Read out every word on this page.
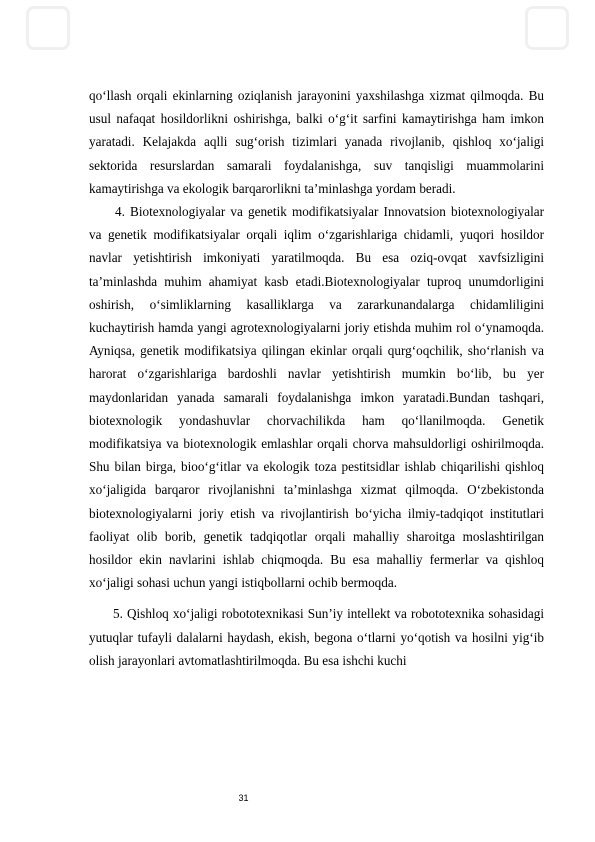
qo‘llash orqali ekinlarning oziqlanish jarayonini yaxshilashga xizmat qilmoqda. Bu usul nafaqat hosildorlikni oshirishga, balki o‘g‘it sarfini kamaytirishga ham imkon yaratadi. Kelajakda aqlli sug‘orish tizimlari yanada rivojlanib, qishloq xo‘jaligi sektorida resurslardan samarali foydalanishga, suv tanqisligi muammolarini kamaytirishga va ekologik barqarorlikni ta’minlashga yordam beradi.

4. Biotexnologiyalar va genetik modifikatsiyalar Innovatsion biotexnologiyalar va genetik modifikatsiyalar orqali iqlim o‘zgarishlariga chidamli, yuqori hosildor navlar yetishtirish imkoniyati yaratilmoqda. Bu esa oziq-ovqat xavfsizligini ta’minlashda muhim ahamiyat kasb etadi.Biotexnologiyalar tuproq unumdorligini oshirish, o‘simliklarning kasalliklarga va zararkunandalarga chidamliligini kuchaytirish hamda yangi agrotexnologiyalarni joriy etishda muhim rol o‘ynamoqda. Ayniqsa, genetik modifikatsiya qilingan ekinlar orqali qurg‘oqchilik, sho‘rlanish va harorat o‘zgarishlariga bardoshli navlar yetishtirish mumkin bo‘lib, bu yer maydonlaridan yanada samarali foydalanishga imkon yaratadi.Bundan tashqari, biotexnologik yondashuvlar chorvachilikda ham qo‘llanilmoqda. Genetik modifikatsiya va biotexnologik emlashlar orqali chorva mahsuldorligi oshirilmoqda. Shu bilan birga, bioo‘g‘itlar va ekologik toza pestitsidlar ishlab chiqarilishi qishloq xo‘jaligida barqaror rivojlanishni ta’minlashga xizmat qilmoqda. O‘zbekistonda biotexnologiyalarni joriy etish va rivojlantirish bo‘yicha ilmiy-tadqiqot institutlari faoliyat olib borib, genetik tadqiqotlar orqali mahalliy sharoitga moslashtirilgan hosildor ekin navlarini ishlab chiqmoqda. Bu esa mahalliy fermerlar va qishloq xo‘jaligi sohasi uchun yangi istiqbollarni ochib bermoqda.

5. Qishloq xo‘jaligi robototexnikasi Sun’iy intellekt va robototexnika sohasidagi yutuqlar tufayli dalalarni haydash, ekish, begona o‘tlarni yo‘qotish va hosilni yig‘ib olish jarayonlari avtomatlashtirilmoqda. Bu esa ishchi kuchi

31
